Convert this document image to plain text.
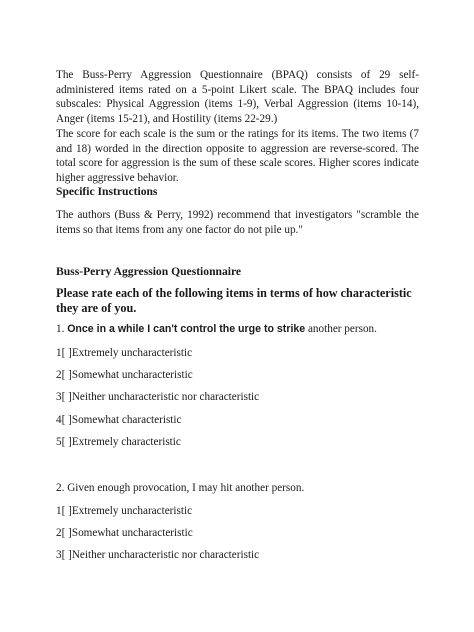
The Buss-Perry Aggression Questionnaire (BPAQ) consists of 29 self-administered items rated on a 5-point Likert scale. The BPAQ includes four subscales: Physical Aggression (items 1-9), Verbal Aggression (items 10-14), Anger (items 15-21), and Hostility (items 22-29.)

The score for each scale is the sum or the ratings for its items. The two items (7 and 18) worded in the direction opposite to aggression are reverse-scored. The total score for aggression is the sum of these scale scores. Higher scores indicate higher aggressive behavior.

Specific Instructions

The authors (Buss & Perry, 1992) recommend that investigators "scramble the items so that items from any one factor do not pile up."

Buss-Perry Aggression Questionnaire

Please rate each of the following items in terms of how characteristic they are of you.

1. Once in a while I can't control the urge to strike another person.

1[ ]Extremely uncharacteristic

2[ ]Somewhat uncharacteristic

3[ ]Neither uncharacteristic nor characteristic

4[ ]Somewhat characteristic

5[ ]Extremely characteristic

2. Given enough provocation, I may hit another person.

1[ ]Extremely uncharacteristic

2[ ]Somewhat uncharacteristic

3[ ]Neither uncharacteristic nor characteristic
